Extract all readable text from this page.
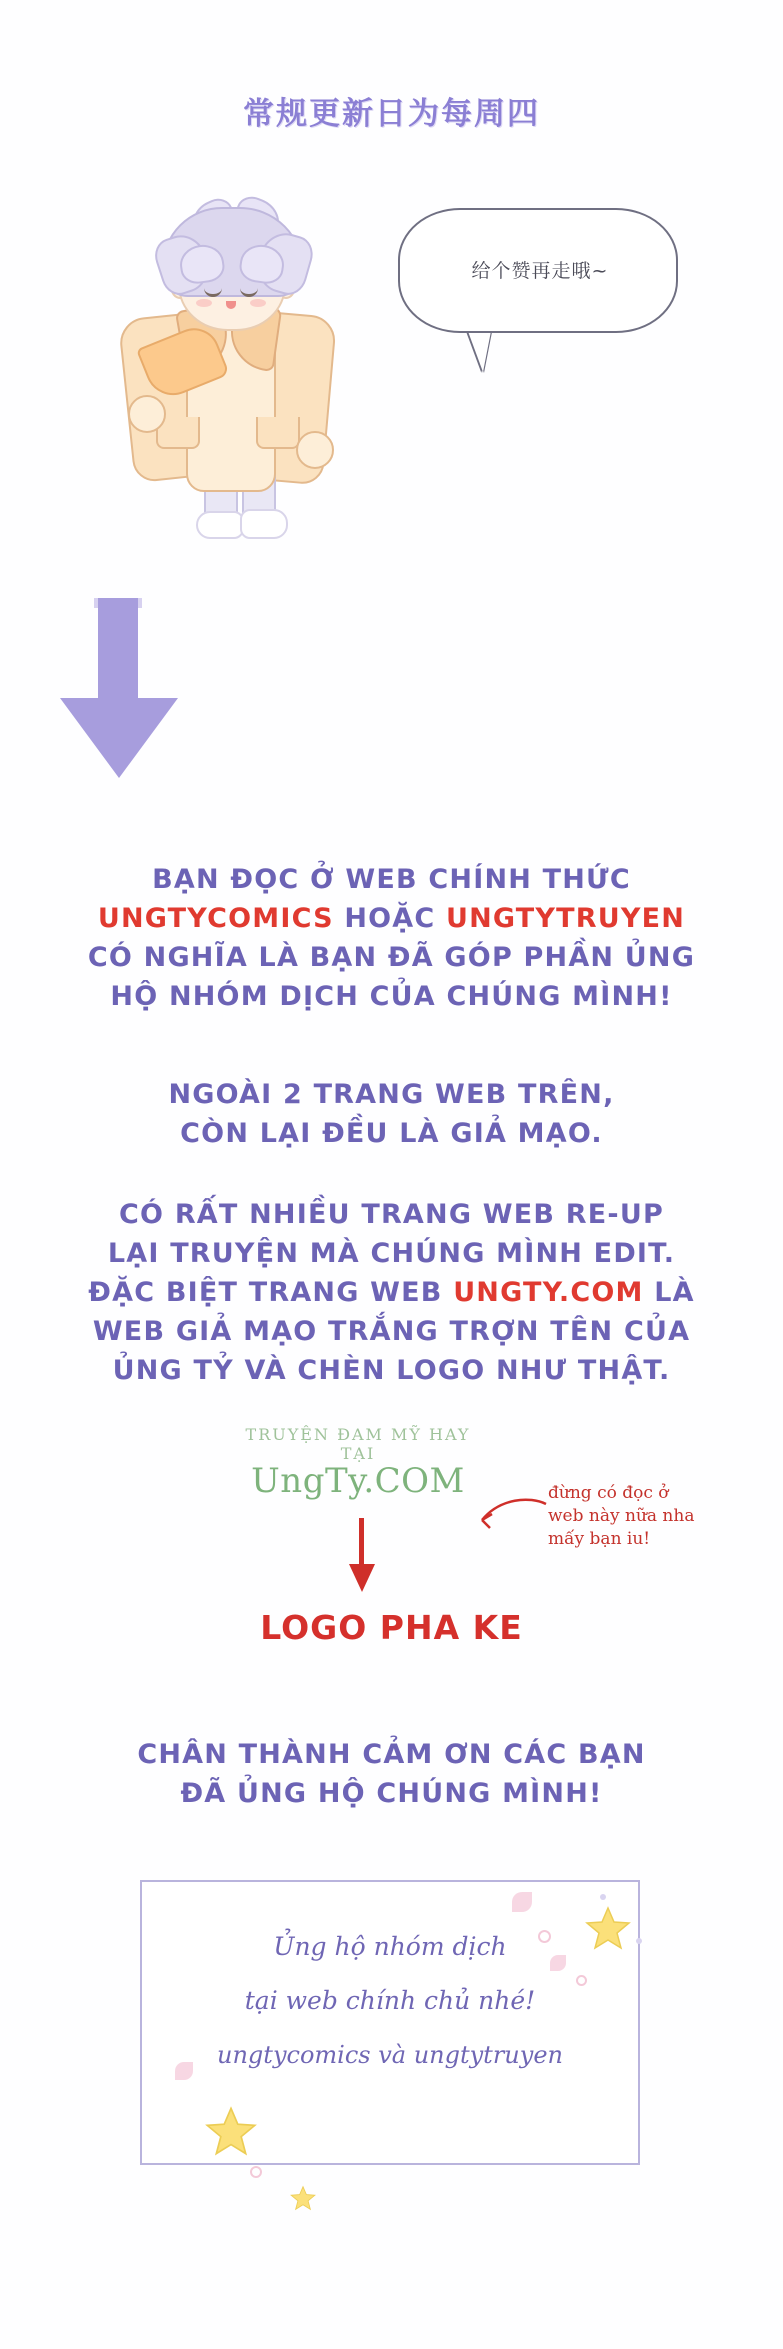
常规更新日为每周四
给个赞再走哦~
BẠN ĐỌC Ở WEB CHÍNH THỨC
UNGTYCOMICS HOẶC UNGTYTRUYEN
CÓ NGHĨA LÀ BẠN ĐÃ GÓP PHẦN ỦNG
HỘ NHÓM DỊCH CỦA CHÚNG MÌNH!
NGOÀI 2 TRANG WEB TRÊN,
CÒN LẠI ĐỀU LÀ GIẢ MẠO.
CÓ RẤT NHIỀU TRANG WEB RE-UP
LẠI TRUYỆN MÀ CHÚNG MÌNH EDIT.
ĐẶC BIỆT TRANG WEB UNGTY.COM LÀ
WEB GIẢ MẠO TRẮNG TRỢN TÊN CỦA
ỦNG TỶ VÀ CHÈN LOGO NHƯ THẬT.
TRUYỆN ĐAM MỸ HAY TẠI
UngTy.COM	đừng có đọc ở
web này nữa nha
mấy bạn iu!
LOGO PHA KE
CHÂN THÀNH CẢM ƠN CÁC BẠN
ĐÃ ỦNG HỘ CHÚNG MÌNH!
Ủng hộ nhóm dịch
tại web chính chủ nhé!
ungtycomics và ungtytruyen
